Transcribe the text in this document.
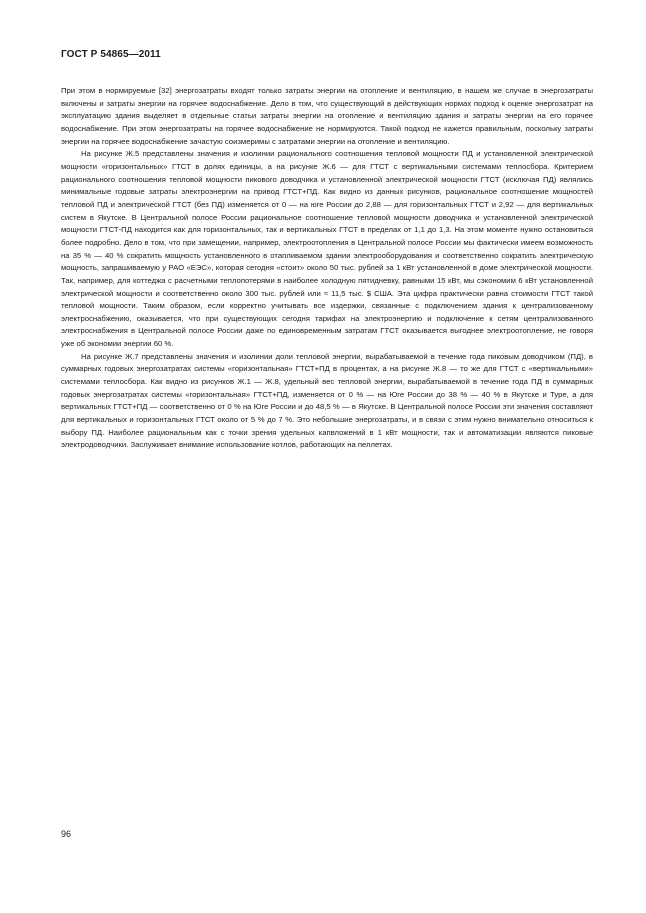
ГОСТ Р 54865—2011

При этом в нормируемые [32] энергозатраты входят только затраты энергии на отопление и вентиляцию, в нашем же случае в энергозатраты включены и затраты энергии на горячее водоснабжение. Дело в том, что существующий в действующих нормах подход к оценке энергозатрат на эксплуатацию здания выделяет в отдельные статьи затраты энергии на отопление и вентиляцию здания и затраты энергии на его горячее водоснабжение. При этом энергозатраты на горячее водоснабжение не нормируются. Такой подход не кажется правильным, поскольку затраты энергии на горячее водоснабжение зачастую соизмеримы с затратами энергии на отопление и вентиляцию.

На рисунке Ж.5 представлены значения и изолинии рационального соотношения тепловой мощности ПД и установленной электрической мощности «горизонтальных» ГТСТ в долях единицы, а на рисунке Ж.6 — для ГТСТ с вертикальными системами теплосбора. Критерием рационального соотношения тепловой мощности пикового доводчика и установленной электрической мощности ГТСТ (исключая ПД) являлись минимальные годовые затраты электроэнергии на привод ГТСТ+ПД. Как видно из данных рисунков, рациональное соотношение мощностей тепловой ПД и электрической ГТСТ (без ПД) изменяется от 0 — на юге России до 2,88 — для горизонтальных ГТСТ и 2,92 — для вертикальных систем в Якутске. В Центральной полосе России рациональное соотношение тепловой мощности доводчика и установленной электрической мощности ГТСТ-ПД находится как для горизонтальных, так и вертикальных ГТСТ в пределах от 1,1 до 1,3. На этом моменте нужно остановиться более подробно. Дело в том, что при замещении, например, электроотопления в Центральной полосе России мы фактически имеем возможность на 35 % — 40 % сократить мощность установленного в отапливаемом здании электрооборудования и соответственно сократить электрическую мощность, запрашиваемую у РАО «ЕЭС», которая сегодня «стоит» около 50 тыс. рублей за 1 кВт установленной в доме электрической мощности. Так, например, для коттеджа с расчетными теплопотерями в наиболее холодную пятидневку, равными 15 кВт, мы сэкономим 6 кВт установленной электрической мощности и соответственно около 300 тыс. рублей или ≈ 11,5 тыс. $ США. Эта цифра практически равна стоимости ГТСТ такой тепловой мощности. Таким образом, если корректно учитывать все издержки, связанные с подключением здания к централизованному электроснабжению, оказывается, что при существующих сегодня тарифах на электроэнергию и подключение к сетям централизованного электроснабжения в Центральной полосе России даже по единовременным затратам ГТСТ оказывается выгоднее электроотопление, не говоря уже об экономии энергии 60 %.

На рисунке Ж.7 представлены значения и изолинии доли тепловой энергии, вырабатываемой в течение года пиковым доводчиком (ПД), в суммарных годовых энергозатратах системы «горизонтальная» ГТСТ+ПД в процентах, а на рисунке Ж.8 — то же для ГТСТ с «вертикальными» системами теплосбора. Как видно из рисунков Ж.1 — Ж.8, удельный вес тепловой энергии, вырабатываемой в течение года ПД в суммарных годовых энергозатратах системы «горизонтальная» ГТСТ+ПД, изменяется от 0 % — на Юге России до 38 % — 40 % в Якутске и Туре, а для вертикальных ГТСТ+ПД — соответственно от 0 % на Юге России и до 48,5 % — в Якутске. В Центральной полосе России эти значения составляют для вертикальных и горизонтальных ГТСТ около от 5 % до 7 %. Это небольшие энергозатраты, и в связи с этим нужно внимательно относиться к выбору ПД. Наиболее рациональным как с точки зрения удельных капвложений в 1 кВт мощности, так и автоматизации являются пиковые электродоводчики. Заслуживает внимание использование котлов, работающих на пеллетах.

96
